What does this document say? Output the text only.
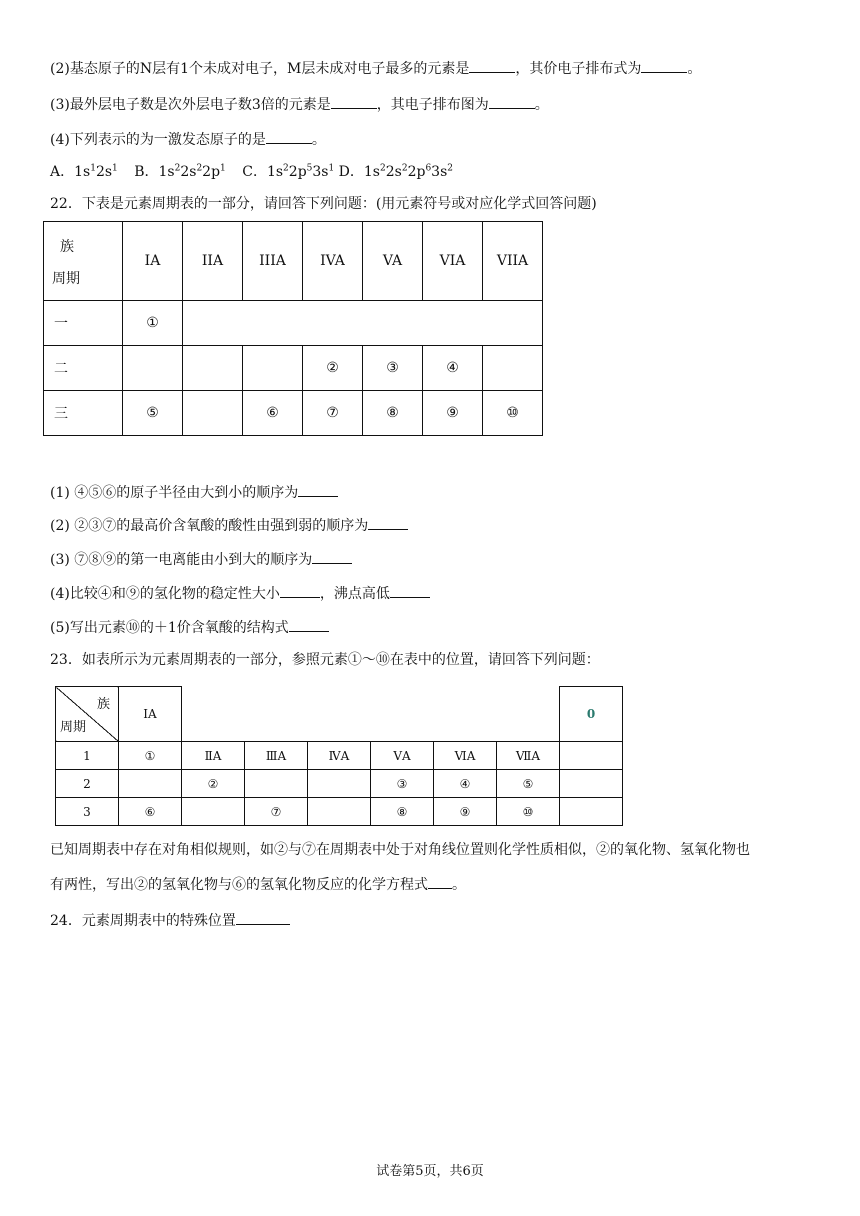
(2)基态原子的N层有1个未成对电子，M层未成对电子最多的元素是	，其价电子排布式为	。
(3)最外层电子数是次外层电子数3倍的元素是	，其电子排布图为	。
(4)下列表示的为一激发态原子的是	。
A．$1s^12s^1$ B．$1s^22s^22p^1$ C．$1s^22p^53s^1$ D．$1s^22s^22p^63s^2$
22．下表是元素周期表的一部分，请回答下列问题：(用元素符号或对应化学式回答问题)
族
周期	IA	IIA	IIIA	IVA	VA	VIA	VIIA
一	①						
二				②	③	④	
三	⑤		⑥	⑦	⑧	⑨	⑩
(1) ④⑤⑥的原子半径由大到小的顺序为
(2) ②③⑦的最高价含氧酸的酸性由强到弱的顺序为
(3) ⑦⑧⑨的第一电离能由小到大的顺序为
(4)比较④和⑨的氢化物的稳定性大小	，沸点高低
(5)写出元素⑩的＋1价含氧酸的结构式
23．如表所示为元素周期表的一部分，参照元素①～⑩在表中的位置，请回答下列问题：
族
周期	IA							0
1	①	ⅡA	ⅢA	ⅣA	ⅤA	ⅥA	ⅦA	
2		②			③	④	⑤	
3	⑥		⑦		⑧	⑨	⑩	
已知周期表中存在对角相似规则，如②与⑦在周期表中处于对角线位置则化学性质相似，②的氧化物、氢氧化物也
有两性，写出②的氢氧化物与⑥的氢氧化物反应的化学方程式 。
24．元素周期表中的特殊位置
试卷第5页，共6页
